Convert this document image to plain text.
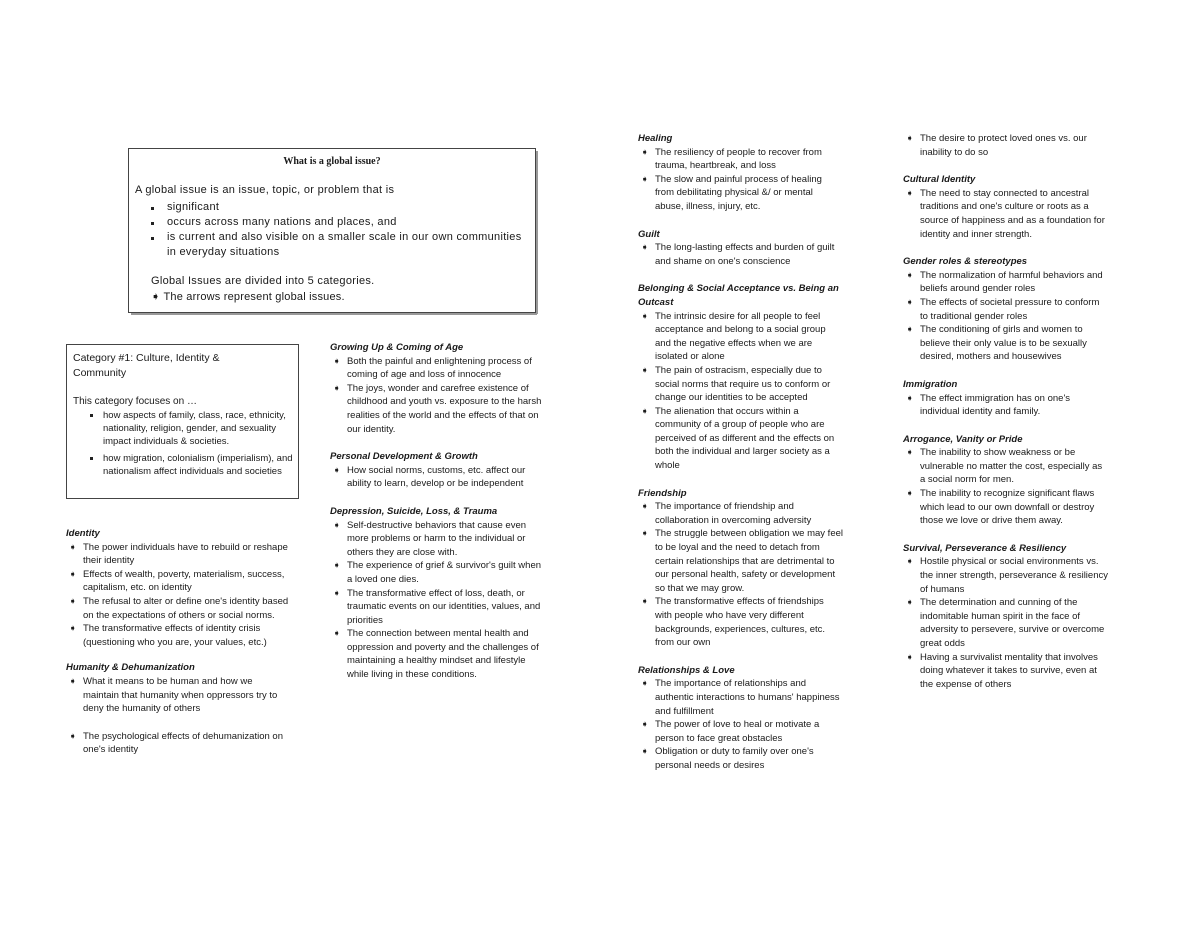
What is a global issue?
A global issue is an issue, topic, or problem that is
significant
occurs across many nations and places, and
is current and also visible on a smaller scale in our own communities in everyday situations
Global Issues are divided into 5 categories.
➧ The arrows represent global issues.
Category #1: Culture, Identity & Community
This category focuses on …
how aspects of family, class, race, ethnicity, nationality, religion, gender, and sexuality impact individuals & societies.
how migration, colonialism (imperialism), and nationalism affect individuals and societies
Identity
➧ The power individuals have to rebuild or reshape their identity
➧ Effects of wealth, poverty, materialism, success, capitalism, etc. on identity
➧ The refusal to alter or define one's identity based on the expectations of others or social norms.
➧ The transformative effects of identity crisis (questioning who you are, your values, etc.)
Humanity & Dehumanization
➧ What it means to be human and how we maintain that humanity when oppressors try to deny the humanity of others
➧ The psychological effects of dehumanization on one's identity
Growing Up & Coming of Age
➧ Both the painful and enlightening process of coming of age and loss of innocence
➧ The joys, wonder and carefree existence of childhood and youth vs. exposure to the harsh realities of the world and the effects of that on our identity.
Personal Development & Growth
➧ How social norms, customs, etc. affect our ability to learn, develop or be independent
Depression, Suicide, Loss, & Trauma
➧ Self-destructive behaviors that cause even more problems or harm to the individual or others they are close with.
➧ The experience of grief & survivor's guilt when a loved one dies.
➧ The transformative effect of loss, death, or traumatic events on our identities, values, and priorities
➧ The connection between mental health and oppression and poverty and the challenges of maintaining a healthy mindset and lifestyle while living in these conditions.
Healing
➧ The resiliency of people to recover from trauma, heartbreak, and loss
➧ The slow and painful process of healing from debilitating physical &/ or mental abuse, illness, injury, etc.
Guilt
➧ The long-lasting effects and burden of guilt and shame on one's conscience
Belonging & Social Acceptance vs. Being an Outcast
➧ The intrinsic desire for all people to feel acceptance and belong to a social group and the negative effects when we are isolated or alone
➧ The pain of ostracism, especially due to social norms that require us to conform or change our identities to be accepted
➧ The alienation that occurs within a community of a group of people who are perceived of as different and the effects on both the individual and larger society as a whole
Friendship
➧ The importance of friendship and collaboration in overcoming adversity
➧ The struggle between obligation we may feel to be loyal and the need to detach from certain relationships that are detrimental to our personal health, safety or development so that we may grow.
➧ The transformative effects of friendships with people who have very different backgrounds, experiences, cultures, etc. from our own
Relationships & Love
➧ The importance of relationships and authentic interactions to humans' happiness and fulfillment
➧ The power of love to heal or motivate a person to face great obstacles
➧ Obligation or duty to family over one's personal needs or desires
➧ The desire to protect loved ones vs. our inability to do so
Cultural Identity
➧ The need to stay connected to ancestral traditions and one's culture or roots as a source of happiness and as a foundation for identity and inner strength.
Gender roles & stereotypes
➧ The normalization of harmful behaviors and beliefs around gender roles
➧ The effects of societal pressure to conform to traditional gender roles
➧ The conditioning of girls and women to believe their only value is to be sexually desired, mothers and housewives
Immigration
➧ The effect immigration has on one's individual identity and family.
Arrogance, Vanity or Pride
➧ The inability to show weakness or be vulnerable no matter the cost, especially as a social norm for men.
➧ The inability to recognize significant flaws which lead to our own downfall or destroy those we love or drive them away.
Survival, Perseverance & Resiliency
➧ Hostile physical or social environments vs. the inner strength, perseverance & resiliency of humans
➧ The determination and cunning of the indomitable human spirit in the face of adversity to persevere, survive or overcome great odds
➧ Having a survivalist mentality that involves doing whatever it takes to survive, even at the expense of others
